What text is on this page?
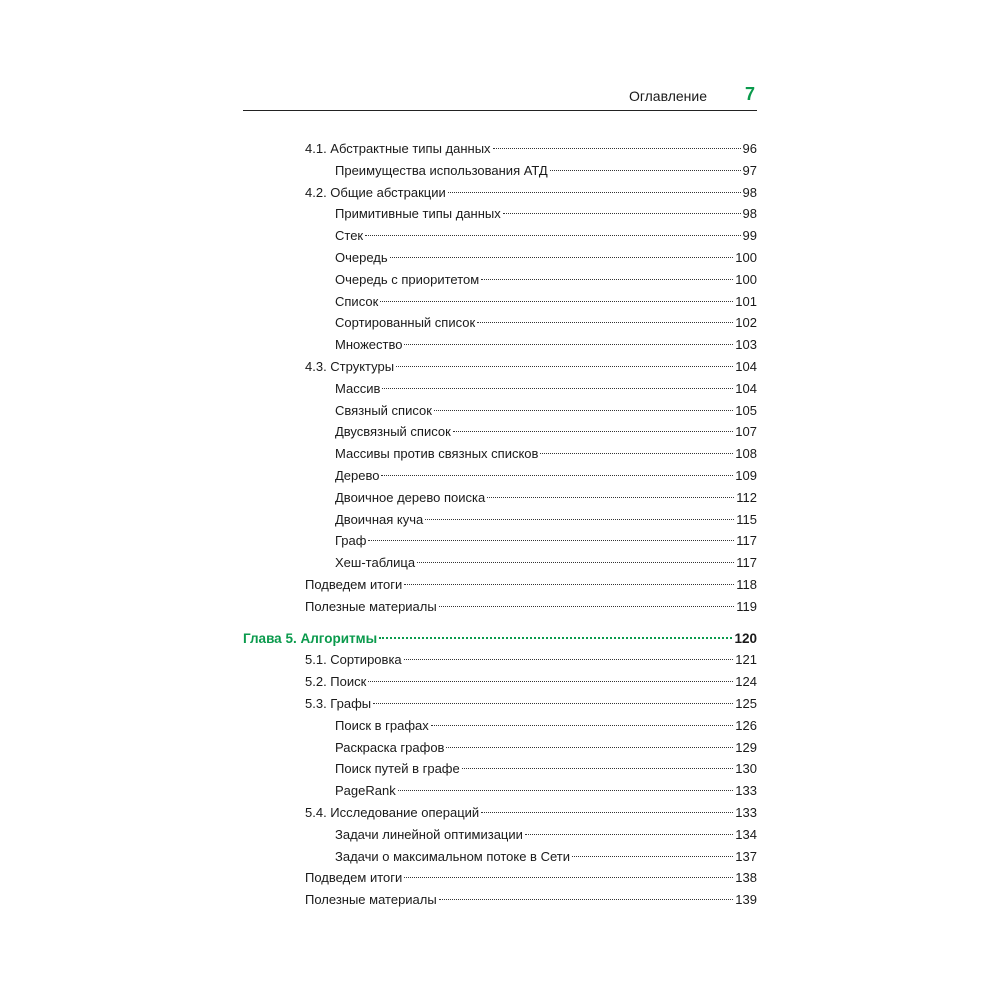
Оглавление 7
4.1. Абстрактные типы данных	96
Преимущества использования АТД	97
4.2. Общие абстракции	98
Примитивные типы данных	98
Стек	99
Очередь	100
Очередь с приоритетом	100
Список	101
Сортированный список	102
Множество	103
4.3. Структуры	104
Массив	104
Связный список	105
Двусвязный список	107
Массивы против связных списков	108
Дерево	109
Двоичное дерево поиска	112
Двоичная куча	115
Граф	117
Хеш-таблица	117
Подведем итоги	118
Полезные материалы	119
Глава 5. Алгоритмы	120
5.1. Сортировка	121
5.2. Поиск	124
5.3. Графы	125
Поиск в графах	126
Раскраска графов	129
Поиск путей в графе	130
PageRank	133
5.4. Исследование операций	133
Задачи линейной оптимизации	134
Задачи о максимальном потоке в Сети	137
Подведем итоги	138
Полезные материалы	139
